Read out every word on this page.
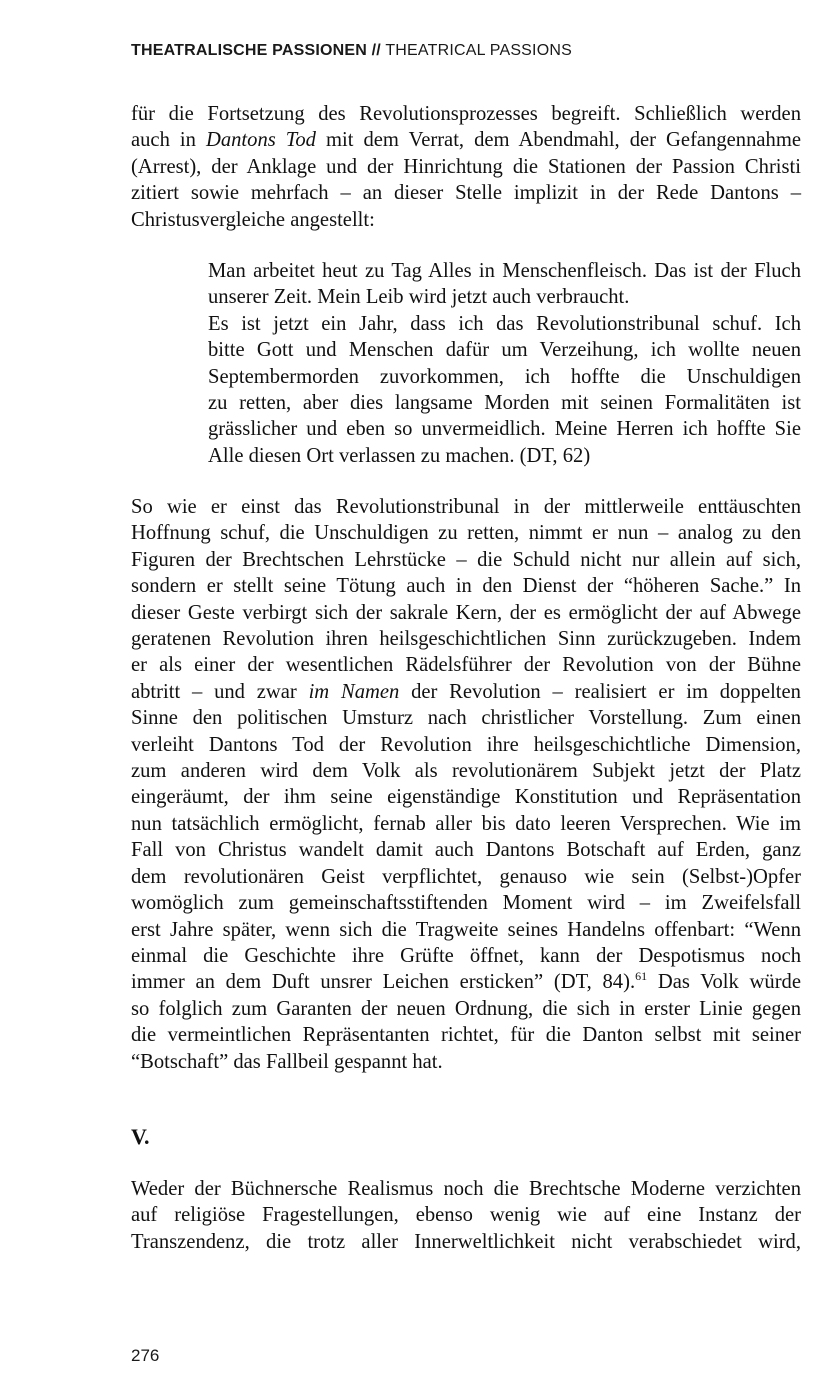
THEATRALISCHE PASSIONEN // THEATRICAL PASSIONS
für die Fortsetzung des Revolutionsprozesses begreift. Schließlich werden
auch in Dantons Tod mit dem Verrat, dem Abendmahl, der Gefangennahme
(Arrest), der Anklage und der Hinrichtung die Stationen der Passion Christi
zitiert sowie mehrfach – an dieser Stelle implizit in der Rede Dantons –
Christusvergleiche angestellt:
Man arbeitet heut zu Tag Alles in Menschenfleisch. Das ist der Fluch
unserer Zeit. Mein Leib wird jetzt auch verbraucht.
Es ist jetzt ein Jahr, dass ich das Revolutionstribunal schuf. Ich
bitte Gott und Menschen dafür um Verzeihung, ich wollte neuen
Septembermorden zuvorkommen, ich hoffte die Unschuldigen
zu retten, aber dies langsame Morden mit seinen Formalitäten ist
grässlicher und eben so unvermeidlich. Meine Herren ich hoffte Sie
Alle diesen Ort verlassen zu machen. (DT, 62)
So wie er einst das Revolutionstribunal in der mittlerweile enttäuschten
Hoffnung schuf, die Unschuldigen zu retten, nimmt er nun – analog zu den
Figuren der Brechtschen Lehrstücke – die Schuld nicht nur allein auf sich,
sondern er stellt seine Tötung auch in den Dienst der “höheren Sache.” In
dieser Geste verbirgt sich der sakrale Kern, der es ermöglicht der auf Abwege
geratenen Revolution ihren heilsgeschichtlichen Sinn zurückzugeben. Indem
er als einer der wesentlichen Rädelsführer der Revolution von der Bühne
abtritt – und zwar im Namen der Revolution – realisiert er im doppelten
Sinne den politischen Umsturz nach christlicher Vorstellung. Zum einen
verleiht Dantons Tod der Revolution ihre heilsgeschichtliche Dimension,
zum anderen wird dem Volk als revolutionärem Subjekt jetzt der Platz
eingeräumt, der ihm seine eigenständige Konstitution und Repräsentation
nun tatsächlich ermöglicht, fernab aller bis dato leeren Versprechen. Wie im
Fall von Christus wandelt damit auch Dantons Botschaft auf Erden, ganz
dem revolutionären Geist verpflichtet, genauso wie sein (Selbst-)Opfer
womöglich zum gemeinschaftsstiftenden Moment wird – im Zweifelsfall
erst Jahre später, wenn sich die Tragweite seines Handelns offenbart: “Wenn
einmal die Geschichte ihre Grüfte öffnet, kann der Despotismus noch
immer an dem Duft unsrer Leichen ersticken” (DT, 84).$^{61}$ Das Volk würde
so folglich zum Garanten der neuen Ordnung, die sich in erster Linie gegen
die vermeintlichen Repräsentanten richtet, für die Danton selbst mit seiner
“Botschaft” das Fallbeil gespannt hat.
V.
Weder der Büchnersche Realismus noch die Brechtsche Moderne verzichten
auf religiöse Fragestellungen, ebenso wenig wie auf eine Instanz der
Transzendenz, die trotz aller Innerweltlichkeit nicht verabschiedet wird,
276
